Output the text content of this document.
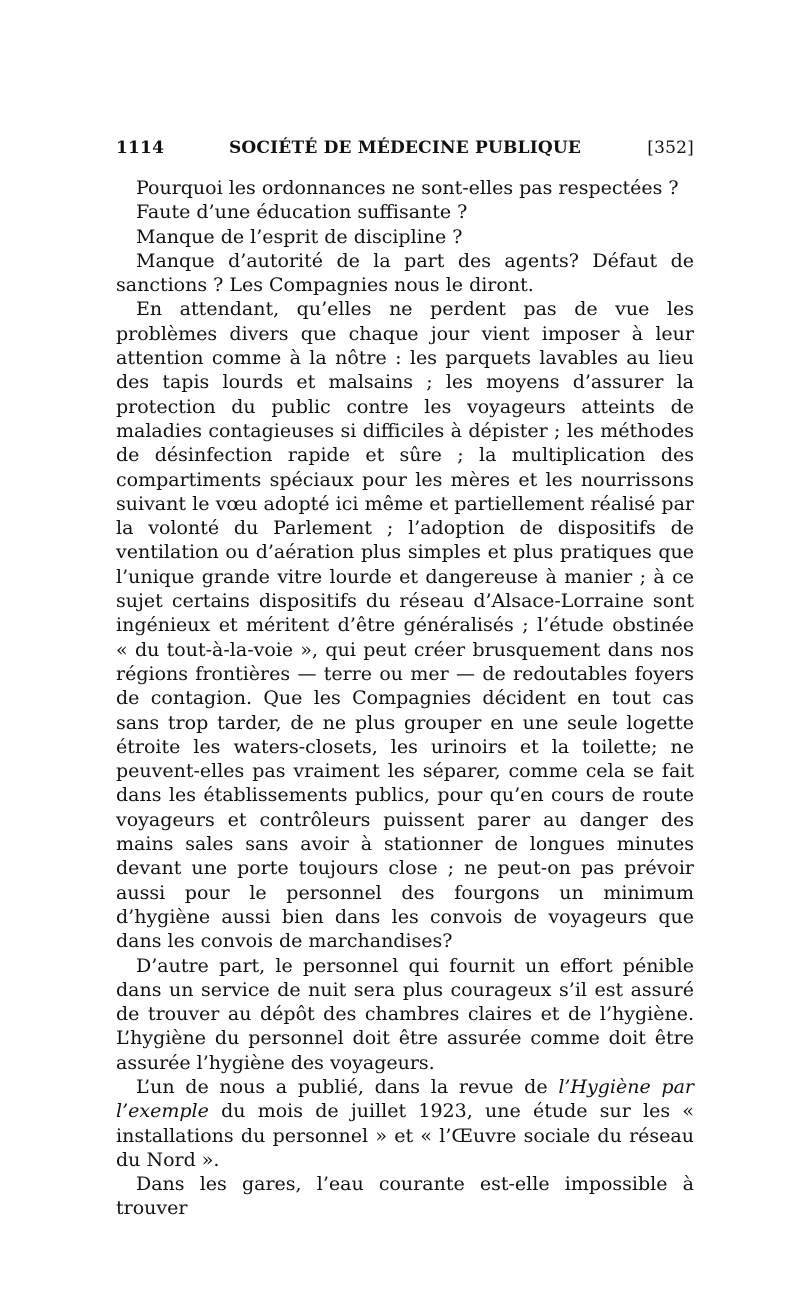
1114	SOCIÉTÉ DE MÉDECINE PUBLIQUE	[352]

Pourquoi les ordonnances ne sont-elles pas respectées ?

Faute d’une éducation suffisante ?

Manque de l’esprit de discipline ?

Manque d’autorité de la part des agents? Défaut de sanctions ? Les Compagnies nous le diront.

En attendant, qu’elles ne perdent pas de vue les problèmes divers que chaque jour vient imposer à leur attention comme à la nôtre : les parquets lavables au lieu des tapis lourds et malsains ; les moyens d’assurer la protection du public contre les voyageurs atteints de maladies contagieuses si difficiles à dépister ; les méthodes de désinfection rapide et sûre ; la multiplication des compartiments spéciaux pour les mères et les nourrissons suivant le vœu adopté ici même et partiellement réalisé par la volonté du Parlement ; l’adoption de dispositifs de ventilation ou d’aération plus simples et plus pratiques que l’unique grande vitre lourde et dangereuse à manier ; à ce sujet certains dispositifs du réseau d’Alsace-Lorraine sont ingénieux et méritent d’être généralisés ; l’étude obstinée « du tout-à-la-voie », qui peut créer brusquement dans nos régions frontières — terre ou mer — de redoutables foyers de contagion. Que les Compagnies décident en tout cas sans trop tarder, de ne plus grouper en une seule logette étroite les waters-closets, les urinoirs et la toilette; ne peuvent-elles pas vraiment les séparer, comme cela se fait dans les établissements publics, pour qu’en cours de route voyageurs et contrôleurs puissent parer au danger des mains sales sans avoir à stationner de longues minutes devant une porte toujours close ; ne peut-on pas prévoir aussi pour le personnel des fourgons un minimum d’hygiène aussi bien dans les convois de voyageurs que dans les convois de marchandises?

D’autre part, le personnel qui fournit un effort pénible dans un service de nuit sera plus courageux s’il est assuré de trouver au dépôt des chambres claires et de l’hygiène. L’hygiène du personnel doit être assurée comme doit être assurée l’hygiène des voyageurs.

L’un de nous a publié, dans la revue de l’Hygiène par l’exemple du mois de juillet 1923, une étude sur les « installations du personnel » et « l’Œuvre sociale du réseau du Nord ».

Dans les gares, l’eau courante est-elle impossible à trouver
